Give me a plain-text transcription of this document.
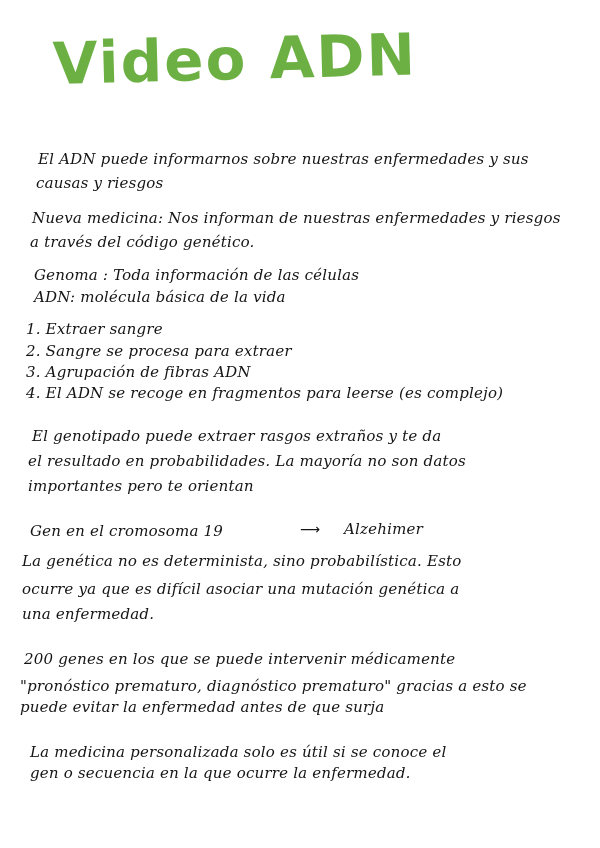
Video ADN
El ADN puede informarnos sobre nuestras enfermedades y sus
causas y riesgos
Nueva medicina: Nos informan de nuestras enfermedades y riesgos
a través del código genético.
Genoma : Toda información de las células
ADN: molécula básica de la vida
1. Extraer sangre
2. Sangre se procesa para extraer
3. Agrupación de fibras ADN
4. El ADN se recoge en fragmentos para leerse (es complejo)
El genotipado puede extraer rasgos extraños y te da
el resultado en probabilidades. La mayoría no son datos
importantes pero te orientan
Gen en el cromosoma 19	⟶ Alzehimer
La genética no es determinista, sino probabilística. Esto
ocurre ya que es difícil asociar una mutación genética a
una enfermedad.
200 genes en los que se puede intervenir médicamente
"pronóstico prematuro, diagnóstico prematuro" gracias a esto se
puede evitar la enfermedad antes de que surja
La medicina personalizada solo es útil si se conoce el
gen o secuencia en la que ocurre la enfermedad.
